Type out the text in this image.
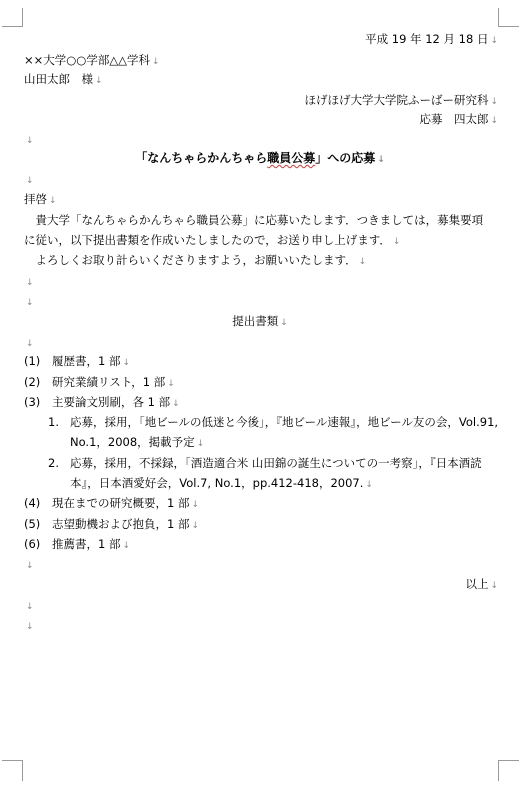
平成 19 年 12 月 18 日 ↓
××大学○○学部△△学科 ↓
山田太郎　様 ↓
ほげほげ大学大学院ふーばー研究科 ↓
応募　四太郎 ↓
↓
「なんちゃらかんちゃら職員公募」への応募 ↓
↓
拝啓 ↓
　貴大学「なんちゃらかんちゃら職員公募」に応募いたします．つきましては，募集要項
に従い，以下提出書類を作成いたしましたので，お送り申し上げます． ↓
　よろしくお取り計らいくださりますよう，お願いいたします． ↓
↓
↓
提出書類 ↓
↓
(1) 履歴書，1 部 ↓
(2) 研究業績リスト，1 部 ↓
(3) 主要論文別刷，各 1 部 ↓
1. 応募，採用，「地ビールの低迷と今後」，『地ビール速報』，地ビール友の会，Vol.91,
No.1，2008，掲載予定 ↓
2. 応募，採用，不採録，「酒造適合米 山田錦の誕生についての一考察」，『日本酒読
本』，日本酒愛好会，Vol.7, No.1，pp.412-418，2007. ↓
(4) 現在までの研究概要，1 部 ↓
(5) 志望動機および抱負，1 部 ↓
(6) 推薦書，1 部 ↓
↓
以上 ↓
↓
↓
